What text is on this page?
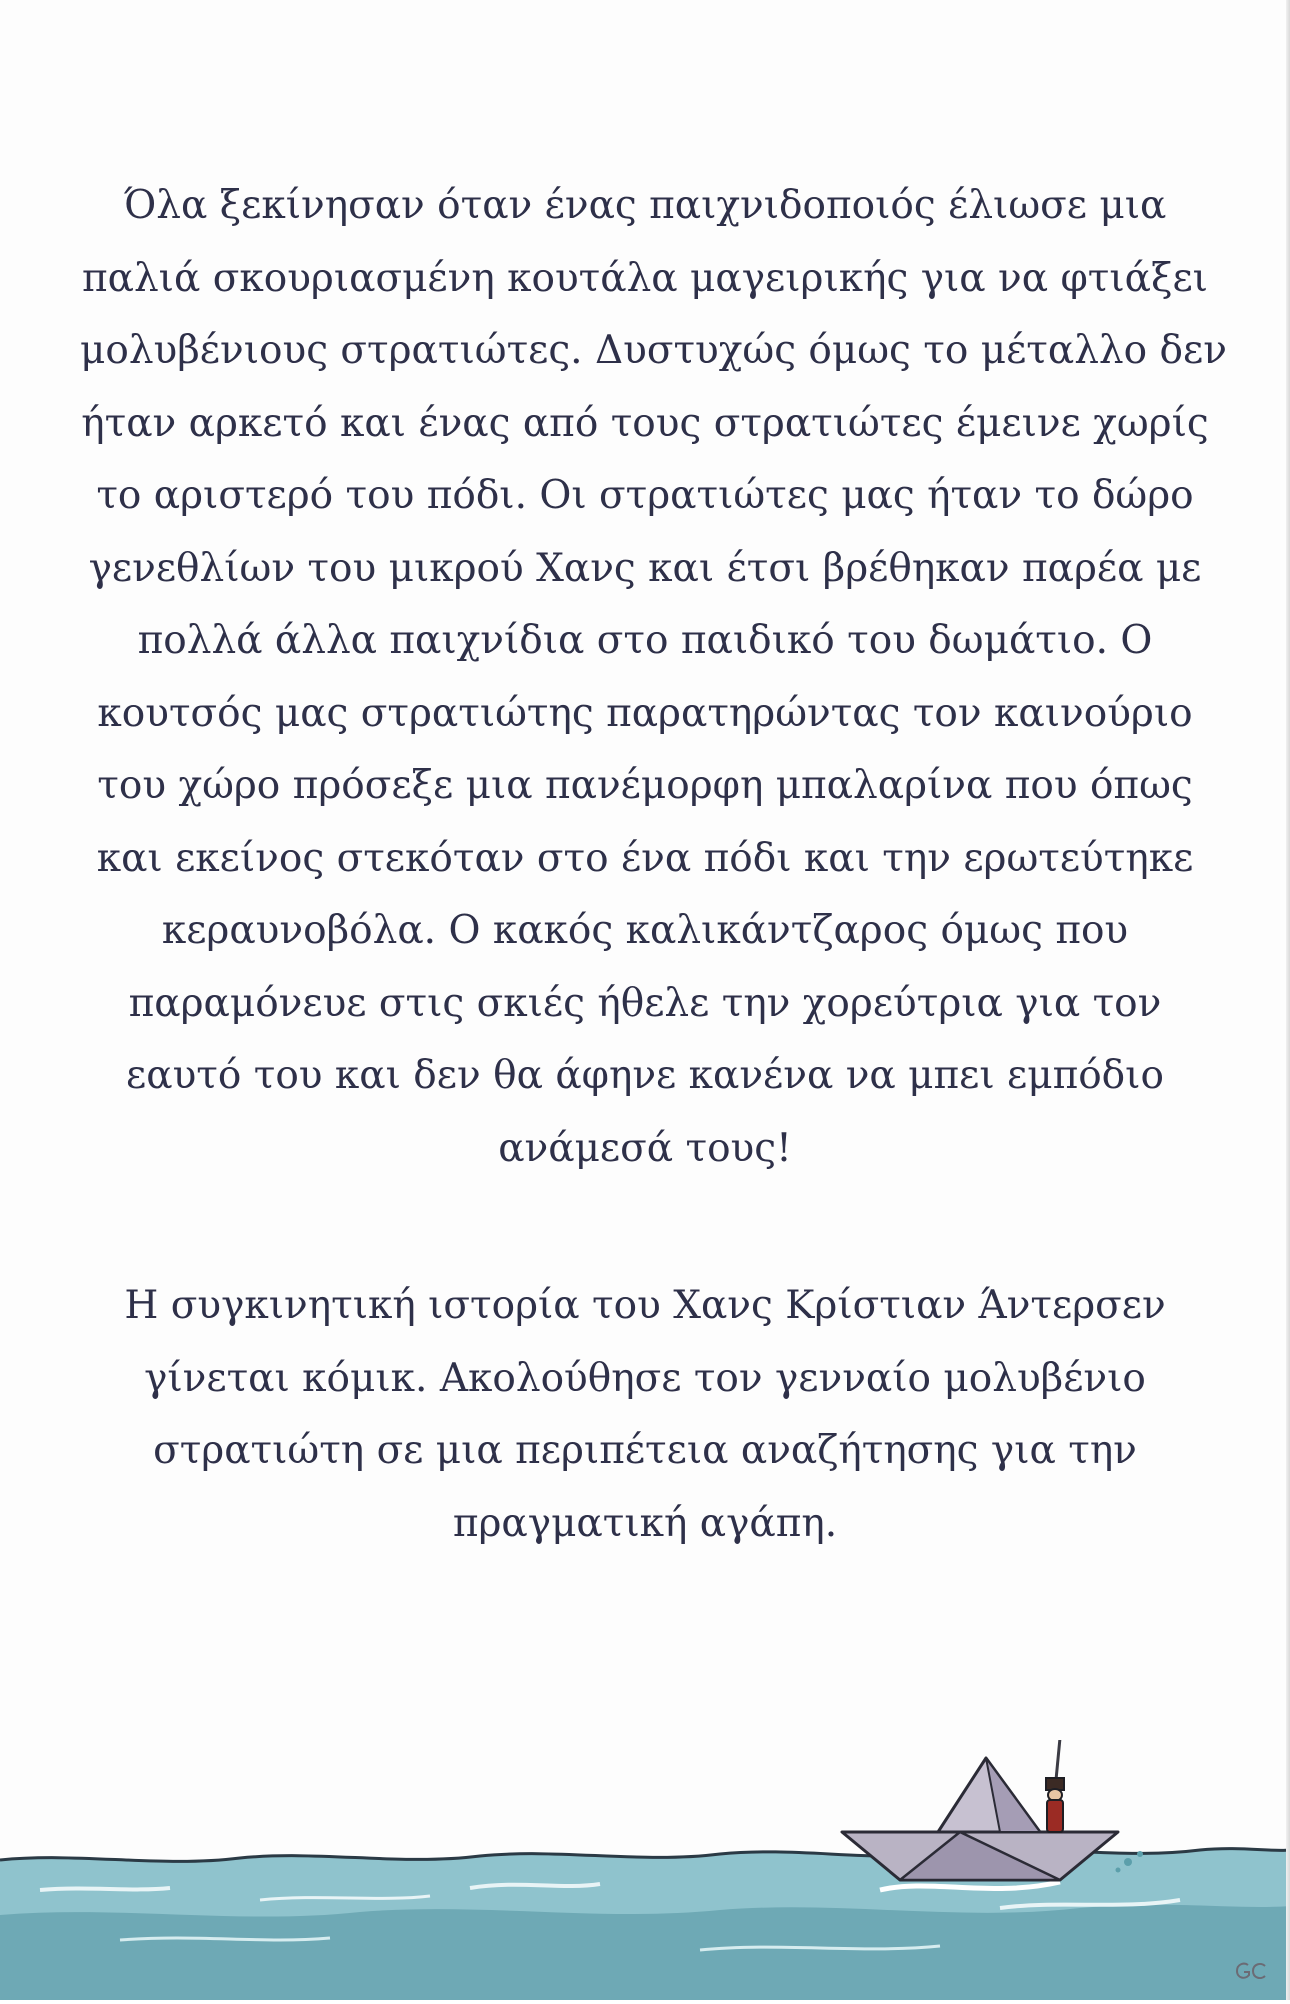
Όλα ξεκίνησαν όταν ένας παιχνιδοποιός έλιωσε μια
παλιά σκουριασμένη κουτάλα μαγειρικής για να φτιάξει
μολυβένιους στρατιώτες. Δυστυχώς όμως το μέταλλο δεν
ήταν αρκετό και ένας από τους στρατιώτες έμεινε χωρίς
το αριστερό του πόδι. Οι στρατιώτες μας ήταν το δώρο
γενεθλίων του μικρού Χανς και έτσι βρέθηκαν παρέα με
πολλά άλλα παιχνίδια στο παιδικό του δωμάτιο. Ο
κουτσός μας στρατιώτης παρατηρώντας τον καινούριο
του χώρο πρόσεξε μια πανέμορφη μπαλαρίνα που όπως
και εκείνος στεκόταν στο ένα πόδι και την ερωτεύτηκε
κεραυνοβόλα. Ο κακός καλικάντζαρος όμως που
παραμόνευε στις σκιές ήθελε την χορεύτρια για τον
εαυτό του και δεν θα άφηνε κανένα να μπει εμπόδιο
ανάμεσά τους!
Η συγκινητική ιστορία του Χανς Κρίστιαν Άντερσεν
γίνεται κόμικ. Ακολούθησε τον γενναίο μολυβένιο
στρατιώτη σε μια περιπέτεια αναζήτησης για την
πραγματική αγάπη.
